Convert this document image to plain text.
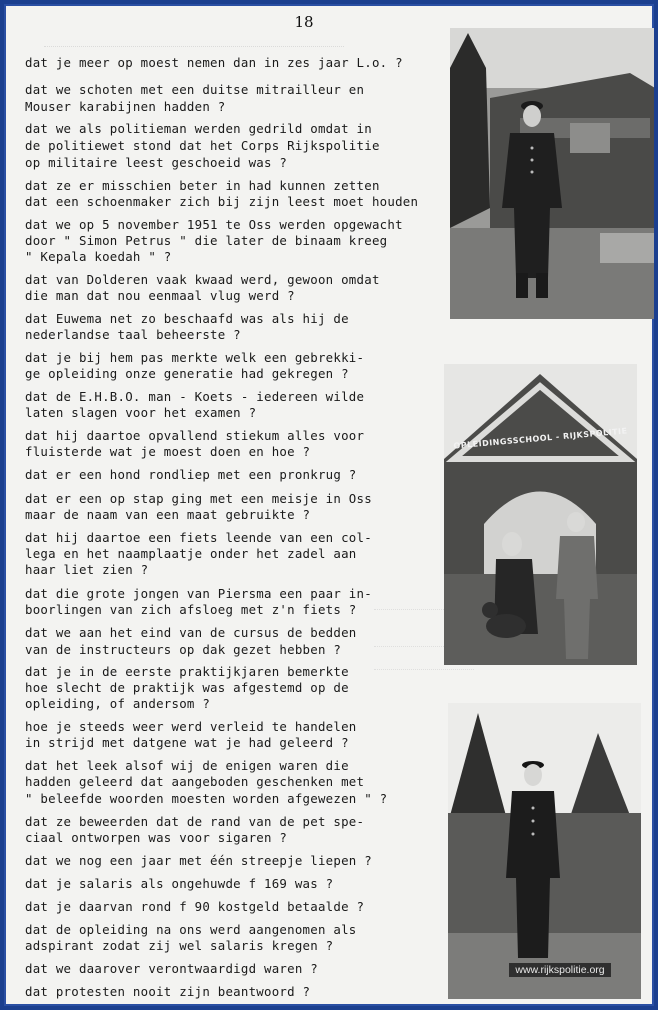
18
dat je meer op moest nemen dan in zes jaar L.o. ?
dat we schoten met een duitse mitrailleur en
Mouser karabijnen hadden ?
dat we als politieman werden gedrild omdat in
de politiewet stond dat het Corps Rijkspolitie
op militaire leest geschoeid was ?
dat ze er misschien beter in had kunnen zetten
dat een schoenmaker zich bij zijn leest moet houden
dat we op 5 november 1951 te Oss werden opgewacht
door " Simon Petrus " die later de binaam kreeg
" Kepala koedah " ?
dat van Dolderen vaak kwaad werd, gewoon omdat
die man dat nou eenmaal vlug werd ?
dat Euwema net zo beschaafd was als hij de
nederlandse taal beheerste ?
dat je bij hem pas merkte welk een gebrekki-
ge opleiding onze generatie had gekregen ?
dat de E.H.B.O. man - Koets - iedereen wilde
laten slagen voor het examen ?
dat hij daartoe opvallend stiekum alles voor
fluisterde wat je moest doen en hoe ?
dat er een hond rondliep met een pronkrug ?
dat er een op stap ging met een meisje in Oss
maar de naam van een maat gebruikte ?
dat hij daartoe een fiets leende van een col-
lega en het naamplaatje onder het zadel aan
haar liet zien ?
dat die grote jongen van Piersma een paar in-
boorlingen van zich afsloeg met z'n fiets ?
dat we aan het eind van de cursus de bedden
van de instructeurs op dak gezet hebben ?
dat je in de eerste praktijkjaren bemerkte
hoe slecht de praktijk was afgestemd op de
opleiding, of andersom ?
hoe je steeds weer werd verleid te handelen
in strijd met datgene wat je had geleerd ?
dat het leek alsof wij de enigen waren die
hadden geleerd dat aangeboden geschenken met
" beleefde woorden moesten worden afgewezen " ?
dat ze beweerden dat de rand van de pet spe-
ciaal ontworpen was voor sigaren ?
dat we nog een jaar met één streepje liepen ?
dat je salaris als ongehuwde f 169 was ?
dat je daarvan rond f 90 kostgeld betaalde ?
dat de opleiding na ons werd aangenomen als
adspirant zodat zij wel salaris kregen ?
dat we daarover verontwaardigd waren ?
dat protesten nooit zijn beantwoord ?
OPLEIDINGSSCHOOL - RIJKSPOLITIE
www.rijkspolitie.org
